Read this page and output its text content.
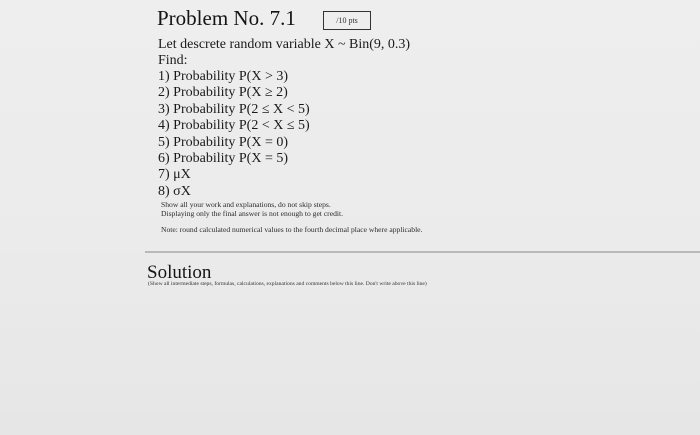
Problem No. 7.1	/10 pts
Let descrete random variable X ~ Bin(9, 0.3)
Find:
1) Probability P(X > 3)
2) Probability P(X ≥ 2)
3) Probability P(2 ≤ X < 5)
4) Probability P(2 < X ≤ 5)
5) Probability P(X = 0)
6) Probability P(X = 5)
7) μX
8) σX
Show all your work and explanations, do not skip steps.
Displaying only the final answer is not enough to get credit.
Note: round calculated numerical values to the fourth decimal place where applicable.
Solution
(Show all intermediate steps, formulas, calculations, explanations and comments below this line. Don't write above this line)
